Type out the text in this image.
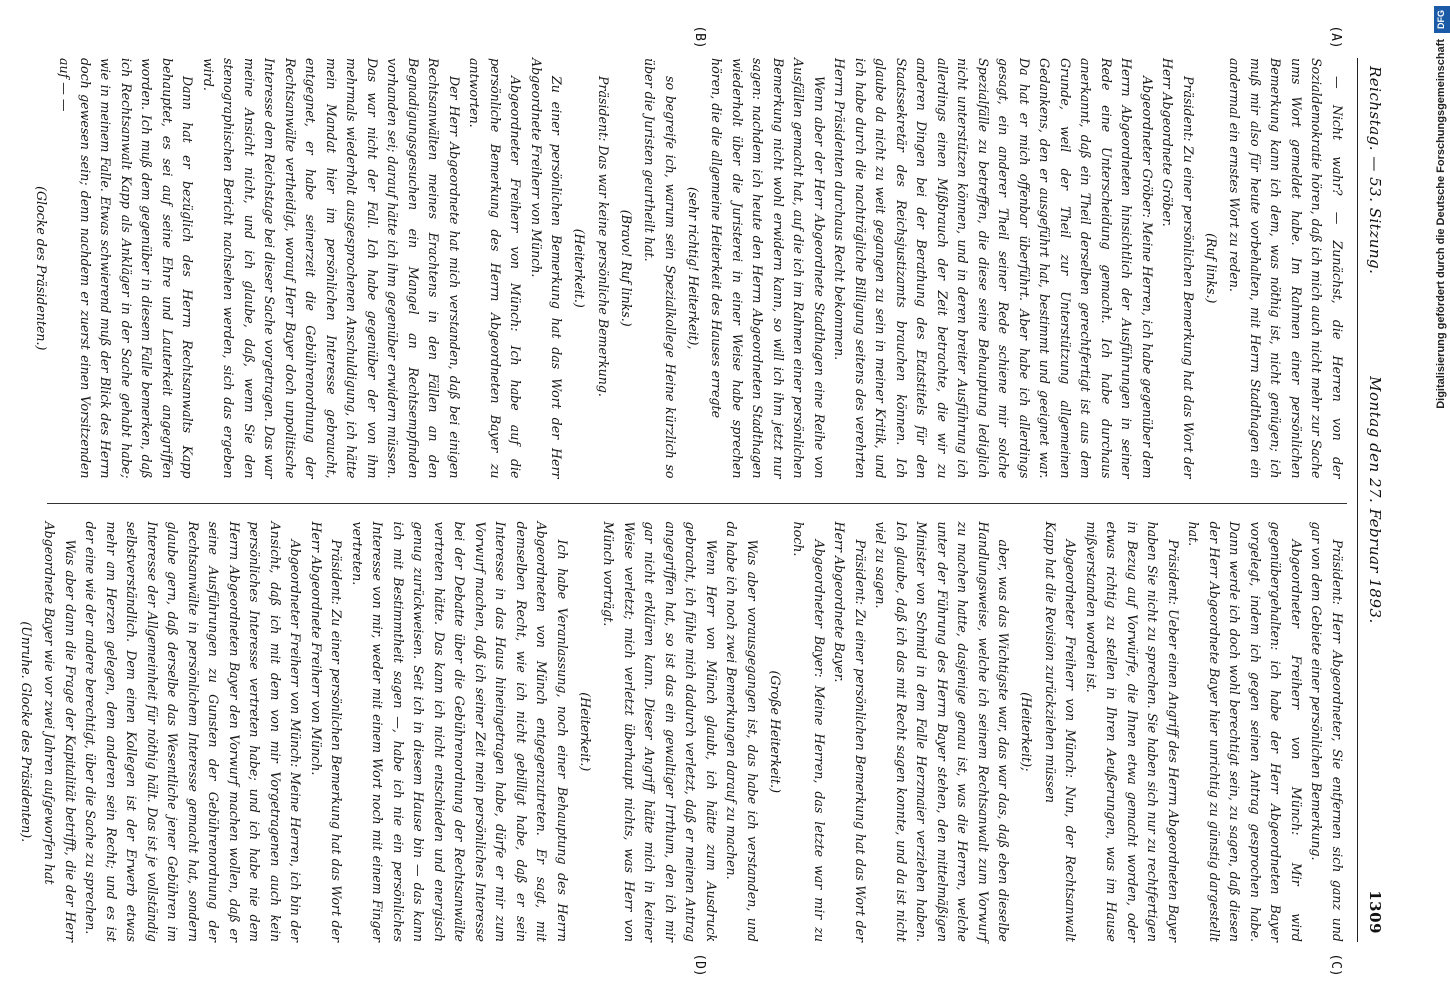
Reichstag. — 53. Sitzung.
Montag den 27. Februar 1893.
1309
(A)
(B)

— Nicht wahr? — Zunächst, die Herren von der Sozialdemokratie hören, daß ich mich auch nicht mehr zur Sache ums Wort gemeldet habe. Im Rahmen einer persönlichen Bemerkung kann ich dem, was nöthig ist, nicht genügen; ich muß mir also für heute vorbehalten, mit Herrn Stadthagen ein andermal ein ernstes Wort zu reden.

(Ruf links.)

Präsident: Zu einer persönlichen Bemerkung hat das Wort der Herr Abgeordnete Gröber.

Abgeordneter Gröber: Meine Herren, ich habe gegenüber dem Herrn Abgeordneten hinsichtlich der Ausführungen in seiner Rede eine Unterscheidung gemacht. Ich habe durchaus anerkannt, daß ein Theil derselben gerechtfertigt ist aus dem Grunde, weil der Theil zur Unterstützung allgemeinen Gedankens, den er ausgeführt hat, bestimmt und geeignet war. Da hat er mich offenbar überführt. Aber habe ich allerdings gesagt, ein anderer Theil seiner Rede schiene mir solche Spezialfälle zu betreffen, die diese seine Behauptung lediglich nicht unterstützen können, und in deren breiter Ausführung ich allerdings einen Mißbrauch der Zeit betrachte, die wir zu anderen Dingen bei der Berathung des Etatstitels für den Staatssekretär des Reichsjustizamts brauchen können. Ich glaube da nicht zu weit gegangen zu sein in meiner Kritik, und ich habe durch die nachträgliche Billigung seitens des verehrten Herrn Präsidenten durchaus Recht bekommen.

Wenn aber der Herr Abgeordnete Stadthagen eine Reihe von Ausfällen gemacht hat, auf die ich im Rahmen einer persönlichen Bemerkung nicht wohl erwidern kann, so will ich ihm jetzt nur sagen: nachdem ich heute den Herrn Abgeordneten Stadthagen wiederholt über die Juristerei in einer Weise habe sprechen hören, die die allgemeine Heiterkeit des Hauses erregte

(sehr richtig! Heiterkeit),

so begreife ich, warum sein Spezialkollege Heine kürzlich so über die Juristen geurtheilt hat.

(Bravo! Ruf links.)

Präsident: Das war keine persönliche Bemerkung.

(Heiterkeit.)

Zu einer persönlichen Bemerkung hat das Wort der Herr Abgeordnete Freiherr von Münch.

Abgeordneter Freiherr von Münch: Ich habe auf die persönliche Bemerkung des Herrn Abgeordneten Bayer zu antworten.

Der Herr Abgeordnete hat mich verstanden, daß bei einigen Rechtsanwälten meines Erachtens in den Fällen an den Begnadigungsgesuchen ein Mangel an Rechtsempfinden vorhanden sei; darauf hätte ich ihm gegenüber erwidern müssen. Das war nicht der Fall. Ich habe gegenüber der von ihm mehrmals wiederholt ausgesprochenen Anschuldigung, ich hätte mein Mandat hier im persönlichen Interesse gebraucht, entgegnet, er habe seinerzeit die Gebührenordnung der Rechtsanwälte vertheidigt, worauf Herr Bayer doch unpolitische Interesse dem Reichstage bei dieser Sache vorgetragen. Das war meine Ansicht nicht, und ich glaube, daß, wenn Sie den stenographischen Bericht nachsehen werden, sich das ergeben wird.

Dann hat er bezüglich des Herrn Rechtsanwalts Kapp behauptet, es sei auf seine Ehre und Lauterkeit angegriffen worden. Ich muß dem gegenüber in diesem Falle bemerken, daß ich Rechtsanwalt Kapp als Ankläger in der Sache gehabt habe; wie in meinem Falle. Etwas schwierend muß der Blick des Herrn doch gewesen sein; denn nachdem er zuerst einen Vorsitzenden auf — —

(Glocke des Präsidenten.)

(C)
(D)

Präsident: Herr Abgeordneter, Sie entfernen sich ganz und gar von dem Gebiete einer persönlichen Bemerkung.

Abgeordneter Freiherr von Münch: Mir wird gegenübergehalten: ich habe der Herr Abgeordneten Bayer vorgelegt, indem ich gegen seinen Antrag gesprochen habe. Dann werde ich doch wohl berechtigt sein, zu sagen, daß diesen der Herr Abgeordnete Bayer hier unrichtig zu günstig dargestellt hat.

Präsident: Ueber einen Angriff des Herrn Abgeordneten Bayer haben Sie nicht zu sprechen. Sie haben sich nur zu rechtfertigen in Bezug auf Vorwürfe, die Ihnen etwa gemacht worden, oder etwas richtig zu stellen in Ihren Aeußerungen, was im Hause mißverstanden worden ist.

Abgeordneter Freiherr von Münch: Nun, der Rechtsanwalt Kapp hat die Revision zurückziehen müssen

(Heiterkeit);

aber, was das Wichtigste war, das war das, daß eben dieselbe Handlungsweise, welche ich seinem Rechtsanwalt zum Vorwurf zu machen hatte, dasjenige genau ist, was die Herren, welche unter der Führung des Herrn Bayer stehen, den mittelmäßigen Minister von Schmid in dem Falle Herzmaier verziehen haben. Ich glaube, daß ich das mit Recht sagen konnte, und da ist nicht viel zu sagen.

Präsident: Zu einer persönlichen Bemerkung hat das Wort der Herr Abgeordnete Bayer.

Abgeordneter Bayer: Meine Herren, das letzte war mir zu hoch.

(Große Heiterkeit.)

Was aber vorausgegangen ist, das habe ich verstanden, und da habe ich noch zwei Bemerkungen darauf zu machen.

Wenn Herr von Münch glaubt, ich hätte zum Ausdruck gebracht, ich fühle mich dadurch verletzt, daß er meinen Antrag angegriffen hat, so ist das ein gewaltiger Irrthum, den ich mir gar nicht erklären kann. Dieser Angriff hätte mich in keiner Weise verletzt; mich verletzt überhaupt nichts, was Herr von Münch vorträgt.

(Heiterkeit.)

Ich habe Veranlassung, noch einer Behauptung des Herrn Abgeordneten von Münch entgegenzutreten. Er sagt, mit demselben Recht, wie ich nicht gebilligt habe, daß er sein Interesse in das Haus hineingetragen habe, dürfe er mir zum Vorwurf machen, daß ich seiner Zeit mein persönliches Interesse bei der Debatte über die Gebührenordnung der Rechtsanwälte vertreten hätte. Das kann ich nicht entschieden und energisch genug zurückweisen. Seit ich in diesem Hause bin — das kann ich mit Bestimmtheit sagen —, habe ich nie ein persönliches Interesse von mir, weder mit einem Wort noch mit einem Finger vertreten.

Präsident: Zu einer persönlichen Bemerkung hat das Wort der Herr Abgeordnete Freiherr von Münch.

Abgeordneter Freiherr von Münch: Meine Herren, ich bin der Ansicht, daß ich mit dem von mir Vorgetragenen auch kein persönliches Interesse vertreten habe; und ich habe nie dem Herrn Abgeordneten Bayer den Vorwurf machen wollen, daß er seine Ausführungen zu Gunsten der Gebührenordnung der Rechtsanwälte in persönlichem Interesse gemacht hat, sondern glaube gern, daß derselbe das Wesentliche jener Gebühren im Interesse der Allgemeinheit für nöthig hält. Das ist je vollständig selbstverständlich. Dem einen Kollegen ist der Erwerb etwas mehr am Herzen gelegen, dem anderen sein Recht; und es ist der eine wie der andere berechtigt, über die Sache zu sprechen.

Was aber dann die Frage der Kapitalität betrifft, die der Herr Abgeordnete Bayer wie vor zwei Jahren aufgeworfen hat

(Unruhe. Glocke des Präsidenten).

Digitalisierung gefördert durch die Deutsche Forschungsgemeinschaft
DFG
